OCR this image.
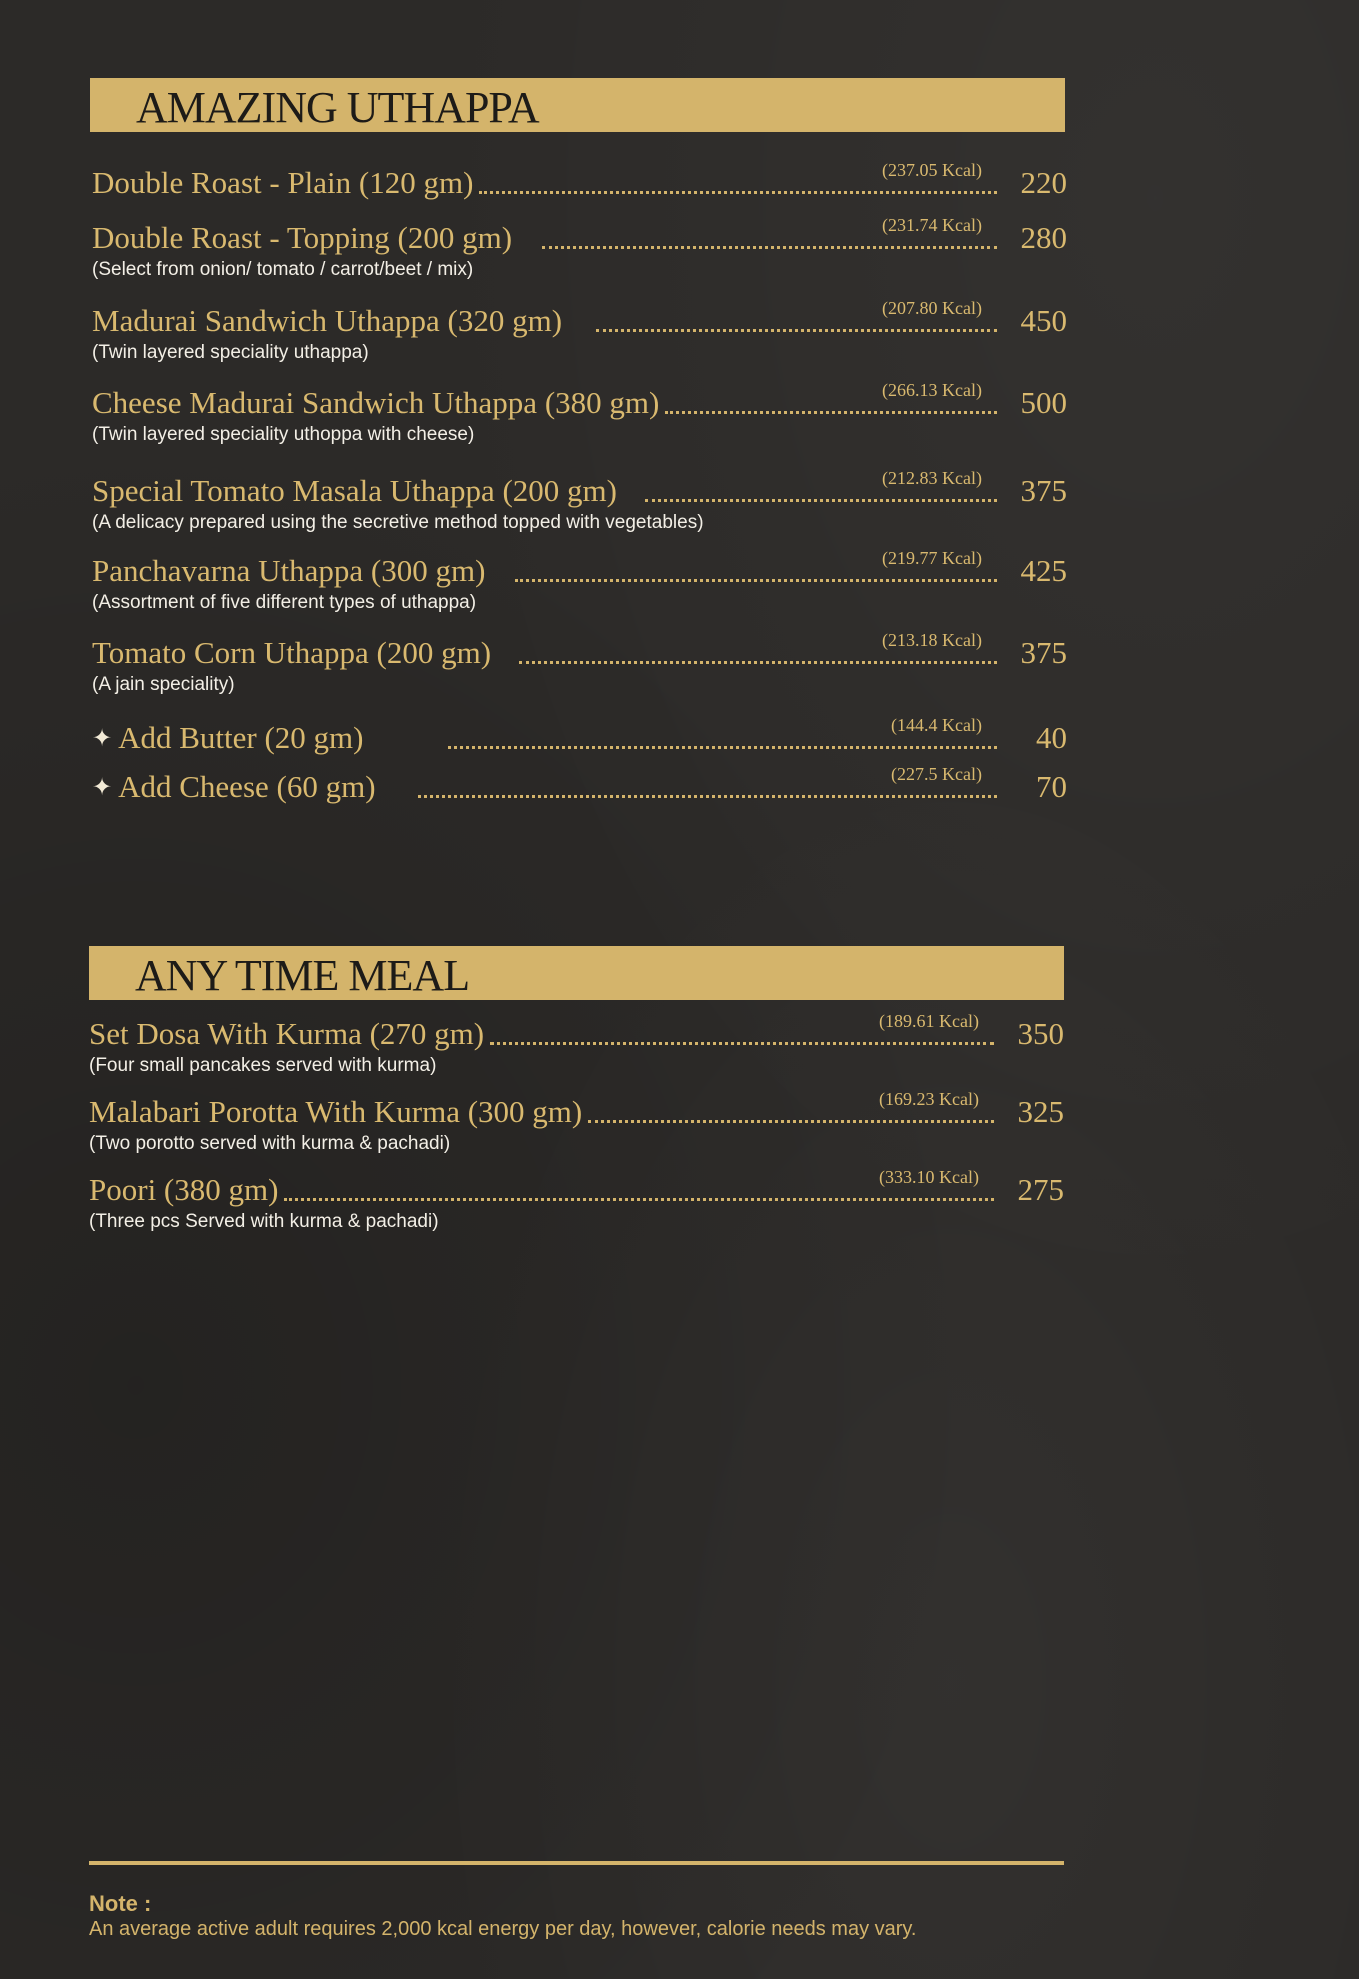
AMAZING UTHAPPA
Double Roast - Plain (120 gm)	(237.05 Kcal)	220
Double Roast - Topping (200 gm)	(231.74 Kcal)	280
(Select from onion/ tomato / carrot/beet / mix)
Madurai Sandwich Uthappa (320 gm)	(207.80 Kcal)	450
(Twin layered speciality uthappa)
Cheese Madurai Sandwich Uthappa (380 gm)	(266.13 Kcal)	500
(Twin layered speciality uthoppa with cheese)
Special Tomato Masala Uthappa (200 gm)	(212.83 Kcal)	375
(A delicacy prepared using the secretive method topped with vegetables)
Panchavarna Uthappa (300 gm)	(219.77 Kcal)	425
(Assortment of five different types of uthappa)
Tomato Corn Uthappa (200 gm)	(213.18 Kcal)	375
(A jain speciality)
✦ Add Butter (20 gm)	(144.4 Kcal)	40
✦ Add Cheese (60 gm)	(227.5 Kcal)	70
ANY TIME MEAL
Set Dosa With Kurma (270 gm)	(189.61 Kcal)	350
(Four small pancakes served with kurma)
Malabari Porotta With Kurma (300 gm)	(169.23 Kcal)	325
(Two porotto served with kurma & pachadi)
Poori (380 gm)	(333.10 Kcal)	275
(Three pcs Served with kurma & pachadi)
Note :
An average active adult requires 2,000 kcal energy per day, however, calorie needs may vary.
